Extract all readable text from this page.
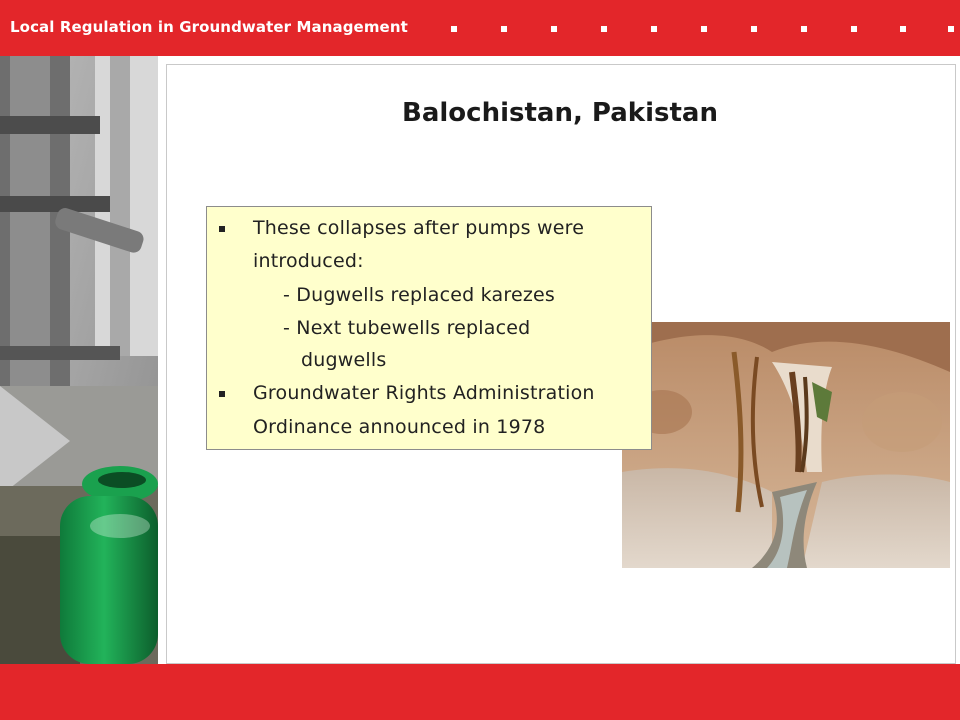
Local Regulation in Groundwater Management
Balochistan, Pakistan
These collapses after pumps were
introduced:
- Dugwells replaced karezes
- Next tubewells replaced
dugwells
Groundwater Rights Administration
Ordinance announced in 1978
